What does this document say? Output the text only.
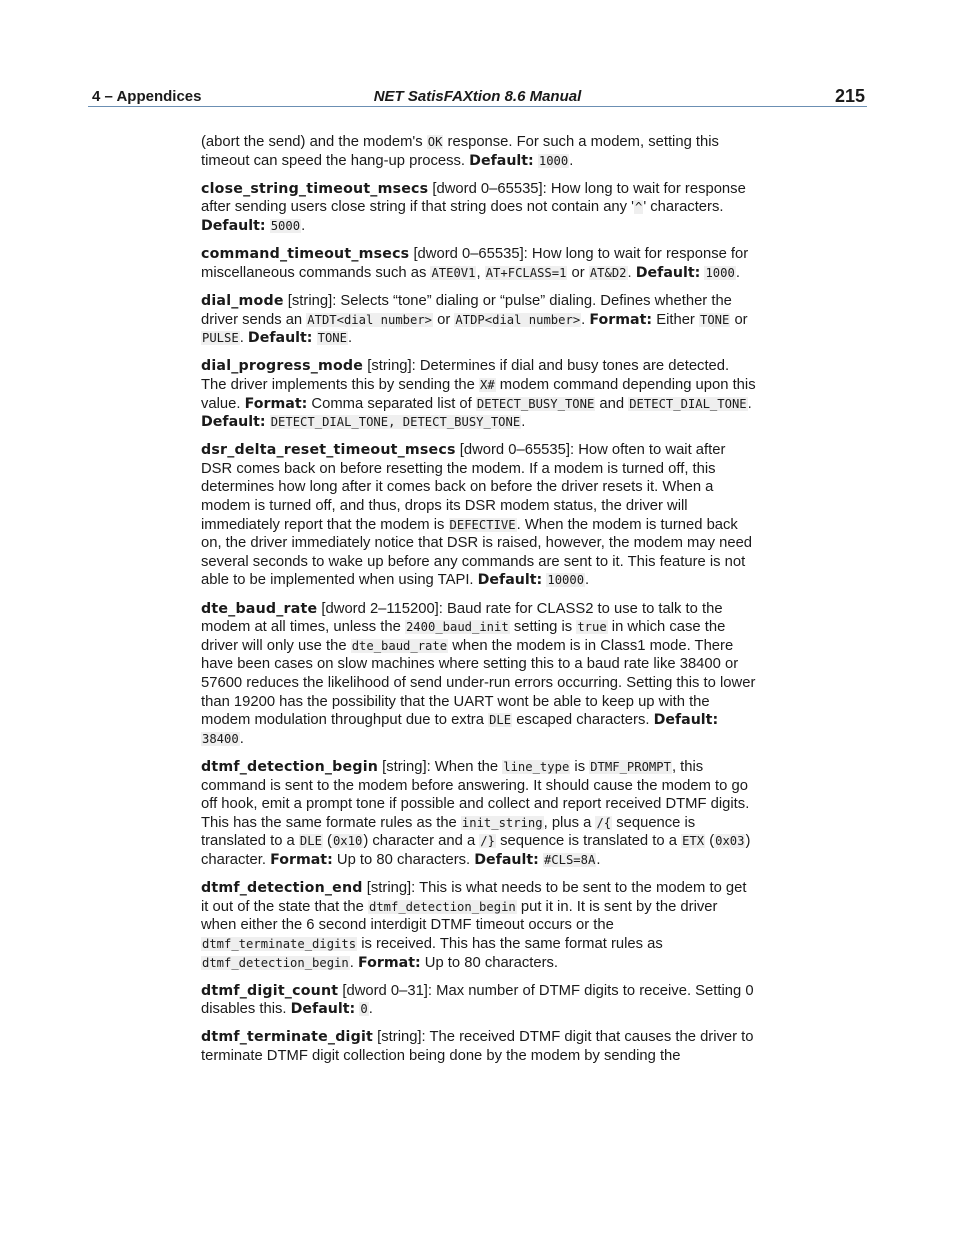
4 – Appendices	NET SatisFAXtion 8.6 Manual	215

(abort the send) and the modem's OK response. For such a modem, setting this timeout can speed the hang-up process. Default: 1000.

close_string_timeout_msecs [dword 0–65535]: How long to wait for response after sending users close string if that string does not contain any '^' characters. Default: 5000.

command_timeout_msecs [dword 0–65535]: How long to wait for response for miscellaneous commands such as ATE0V1, AT+FCLASS=1 or AT&D2. Default: 1000.

dial_mode [string]: Selects “tone” dialing or “pulse” dialing. Defines whether the driver sends an ATDT<dial number> or ATDP<dial number>. Format: Either TONE or PULSE. Default: TONE.

dial_progress_mode [string]: Determines if dial and busy tones are detected. The driver implements this by sending the X# modem command depending upon this value. Format: Comma separated list of DETECT_BUSY_TONE and DETECT_DIAL_TONE. Default: DETECT_DIAL_TONE, DETECT_BUSY_TONE.

dsr_delta_reset_timeout_msecs [dword 0–65535]: How often to wait after DSR comes back on before resetting the modem. If a modem is turned off, this determines how long after it comes back on before the driver resets it. When a modem is turned off, and thus, drops its DSR modem status, the driver will immediately report that the modem is DEFECTIVE. When the modem is turned back on, the driver immediately notice that DSR is raised, however, the modem may need several seconds to wake up before any commands are sent to it. This feature is not able to be implemented when using TAPI. Default: 10000.

dte_baud_rate [dword 2–115200]: Baud rate for CLASS2 to use to talk to the modem at all times, unless the 2400_baud_init setting is true in which case the driver will only use the dte_baud_rate when the modem is in Class1 mode. There have been cases on slow machines where setting this to a baud rate like 38400 or 57600 reduces the likelihood of send under-run errors occurring. Setting this to lower than 19200 has the possibility that the UART wont be able to keep up with the modem modulation throughput due to extra DLE escaped characters. Default: 38400.

dtmf_detection_begin [string]: When the line_type is DTMF_PROMPT, this command is sent to the modem before answering. It should cause the modem to go off hook, emit a prompt tone if possible and collect and report received DTMF digits. This has the same formate rules as the init_string, plus a /{ sequence is translated to a DLE (0x10) character and a /} sequence is translated to a ETX (0x03) character. Format: Up to 80 characters. Default: #CLS=8A.

dtmf_detection_end [string]: This is what needs to be sent to the modem to get it out of the state that the dtmf_detection_begin put it in. It is sent by the driver when either the 6 second interdigit DTMF timeout occurs or the dtmf_terminate_digits is received. This has the same format rules as dtmf_detection_begin. Format: Up to 80 characters.

dtmf_digit_count [dword 0–31]: Max number of DTMF digits to receive. Setting 0 disables this. Default: 0.

dtmf_terminate_digit [string]: The received DTMF digit that causes the driver to terminate DTMF digit collection being done by the modem by sending the
